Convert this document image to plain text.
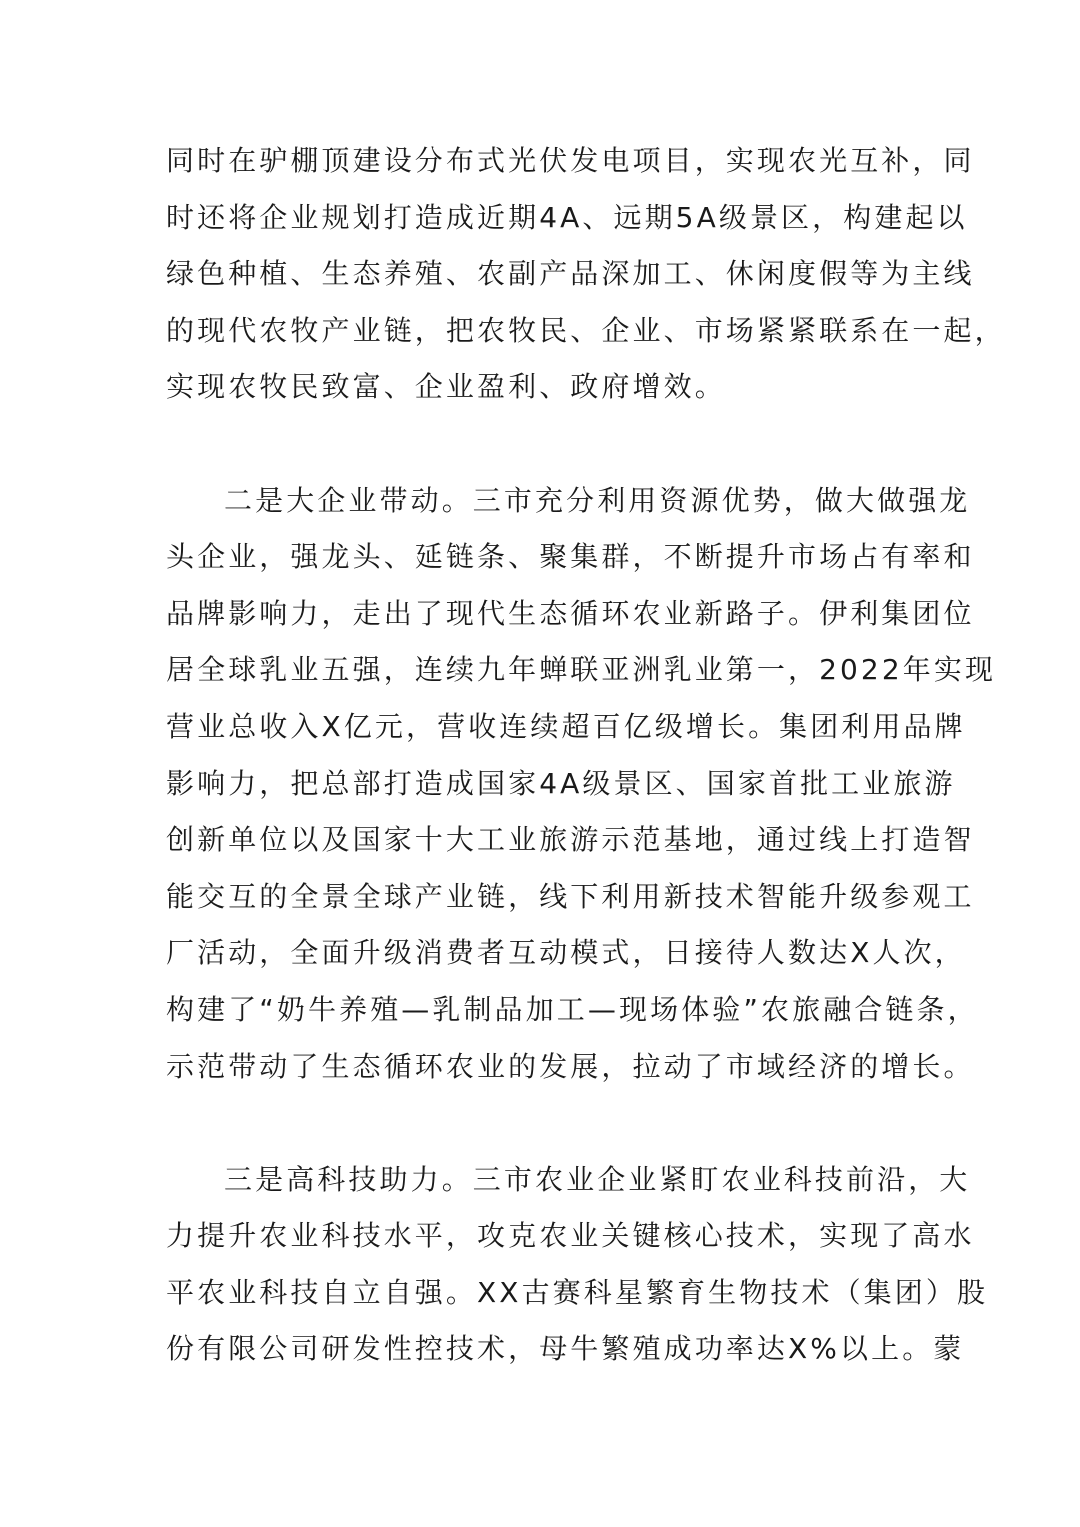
同时在驴棚顶建设分布式光伏发电项目，实现农光互补，同
时还将企业规划打造成近期4A、远期5A级景区，构建起以
绿色种植、生态养殖、农副产品深加工、休闲度假等为主线
的现代农牧产业链，把农牧民、企业、市场紧紧联系在一起，
实现农牧民致富、企业盈利、政府增效。
二是大企业带动。三市充分利用资源优势，做大做强龙
头企业，强龙头、延链条、聚集群，不断提升市场占有率和
品牌影响力，走出了现代生态循环农业新路子。伊利集团位
居全球乳业五强，连续九年蝉联亚洲乳业第一，2022年实现
营业总收入X亿元，营收连续超百亿级增长。集团利用品牌
影响力，把总部打造成国家4A级景区、国家首批工业旅游
创新单位以及国家十大工业旅游示范基地，通过线上打造智
能交互的全景全球产业链，线下利用新技术智能升级参观工
厂活动，全面升级消费者互动模式，日接待人数达X人次，
构建了“奶牛养殖—乳制品加工—现场体验”农旅融合链条，
示范带动了生态循环农业的发展，拉动了市域经济的增长。
三是高科技助力。三市农业企业紧盯农业科技前沿，大
力提升农业科技水平，攻克农业关键核心技术，实现了高水
平农业科技自立自强。XX古赛科星繁育生物技术（集团）股
份有限公司研发性控技术，母牛繁殖成功率达X%以上。蒙
